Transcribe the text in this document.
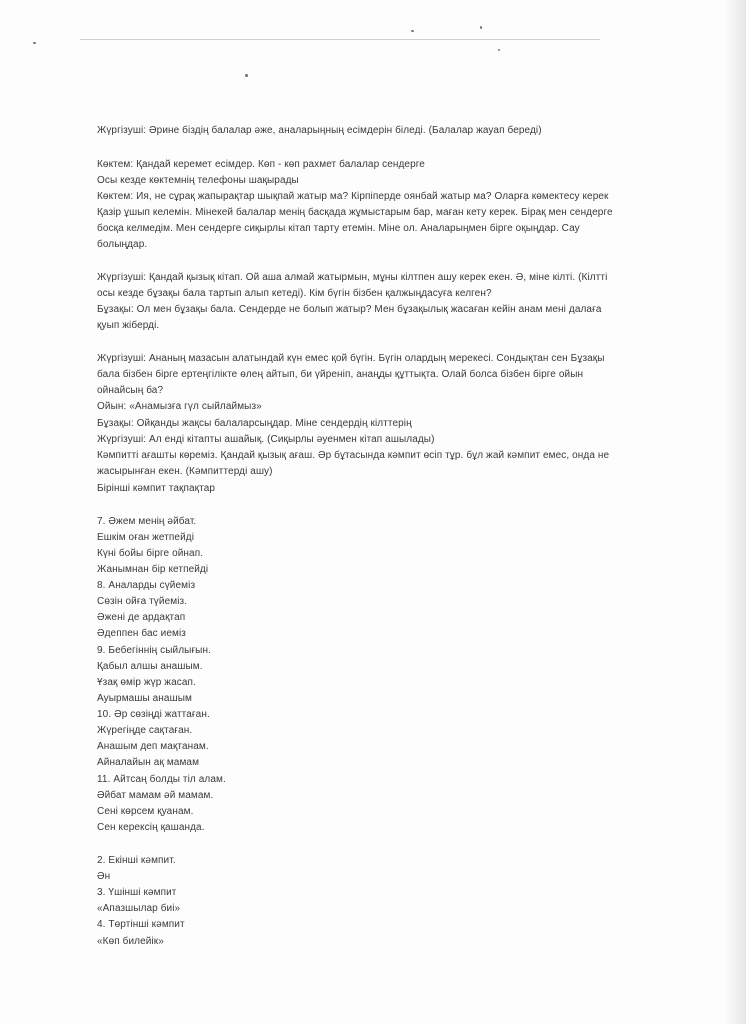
Жүргізуші: Әрине біздің балалар әже, аналарыңның есімдерін біледі. (Балалар жауап береді)
Көктем: Қандай керемет есімдер. Көп - көп рахмет балалар сендерге
Осы кезде көктемнің телефоны шақырады
Көктем: Ия, не сұрақ жапырақтар шықпай жатыр ма? Кірпіперде оянбай жатыр ма? Оларға көмектесу керек
Қазір ұшып келемін. Мінекей балалар менің басқада жұмыстарым бар, маған кету керек. Бірақ мен сендерге
босқа келмедім. Мен сендерге сиқырлы кітап тарту етемін. Міне ол. Аналарыңмен бірге оқыңдар. Сау
болыңдар.
Жүргізуші: Қандай қызық кітап. Ой аша алмай жатырмын, мұны кілтпен ашу керек екен. Ә, міне кілті. (Кілтті
осы кезде бұзақы бала тартып алып кетеді). Кім бүгін бізбен қалжыңдасуға келген?
Бұзақы: Ол мен бұзақы бала. Сендерде не болып жатыр? Мен бұзақылық жасаған кейін анам мені далаға
қуып жіберді.
Жүргізуші: Ананың мазасын алатындай күн емес қой бүгін. Бүгін олардың мерекесі. Сондықтан сен Бұзақы
бала бізбен бірге ертеңгілікте өлең айтып, би үйреніп, анаңды құттықта. Олай болса бізбен бірге ойын
ойнайсың ба?
Ойын: «Анамызға гүл сыйлаймыз»
Бұзақы: Ойқанды жақсы балаларсыңдар. Міне сендердің кілттерің
Жүргізуші: Ал енді кітапты ашайық. (Сиқырлы әуенмен кітап ашылады)
Кәмпитті ағашты көреміз. Қандай қызық ағаш. Әр бұтасында кәмпит өсіп тұр. бұл жай кәмпит емес, онда не
жасырынған екен. (Кәмпиттерді ашу)
Бірінші кәмпит тақпақтар
7. Әжем менің әйбат.
Ешкім оған жетпейді
Күні бойы бірге ойнап.
Жанымнан бір кетпейді
8. Аналарды сүйеміз
Сөзін ойға түйеміз.
Әжені де ардақтап
Әдеппен бас иеміз
9. Бебегіннің сыйлығын.
Қабыл алшы анашым.
Ұзақ өмір жүр жасап.
Ауырмашы анашым
10. Әр сөзіңді жаттаған.
Жүрегіңде сақтаған.
Анашым деп мақтанам.
Айналайын ақ мамам
11. Айтсаң болды тіл алам.
Әйбат мамам әй мамам.
Сені көрсем қуанам.
Сен керексің қашанда.
2. Екінші кәмпит.
Ән
3. Үшінші кәмпит
«Апазшылар биі»
4. Төртінші кәмпит
«Көп билейік»
